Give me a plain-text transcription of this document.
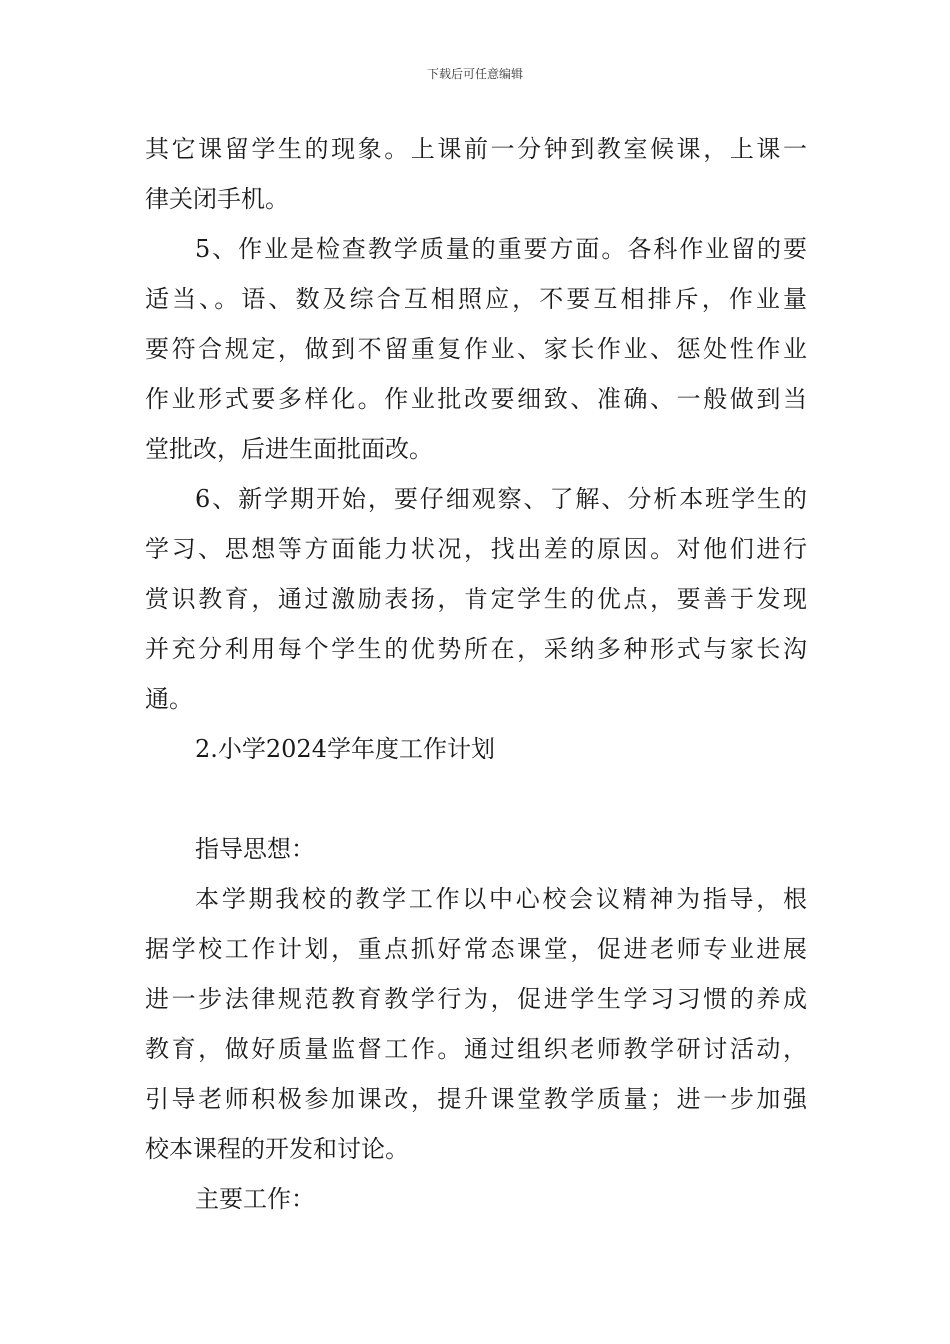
下载后可任意编辑
其它课留学生的现象。上课前一分钟到教室候课，上课一
律关闭手机。
5、作业是检查教学质量的重要方面。各科作业留的要
适当、。语、数及综合互相照应，不要互相排斥，作业量
要符合规定，做到不留重复作业、家长作业、惩处性作业
作业形式要多样化。作业批改要细致、准确、一般做到当
堂批改，后进生面批面改。
6、新学期开始，要仔细观察、了解、分析本班学生的
学习、思想等方面能力状况，找出差的原因。对他们进行
赏识教育，通过激励表扬，肯定学生的优点，要善于发现
并充分利用每个学生的优势所在，采纳多种形式与家长沟
通。
2.小学2024学年度工作计划
指导思想：
本学期我校的教学工作以中心校会议精神为指导，根
据学校工作计划，重点抓好常态课堂，促进老师专业进展
进一步法律规范教育教学行为，促进学生学习习惯的养成
教育，做好质量监督工作。通过组织老师教学研讨活动，
引导老师积极参加课改，提升课堂教学质量；进一步加强
校本课程的开发和讨论。
主要工作：
